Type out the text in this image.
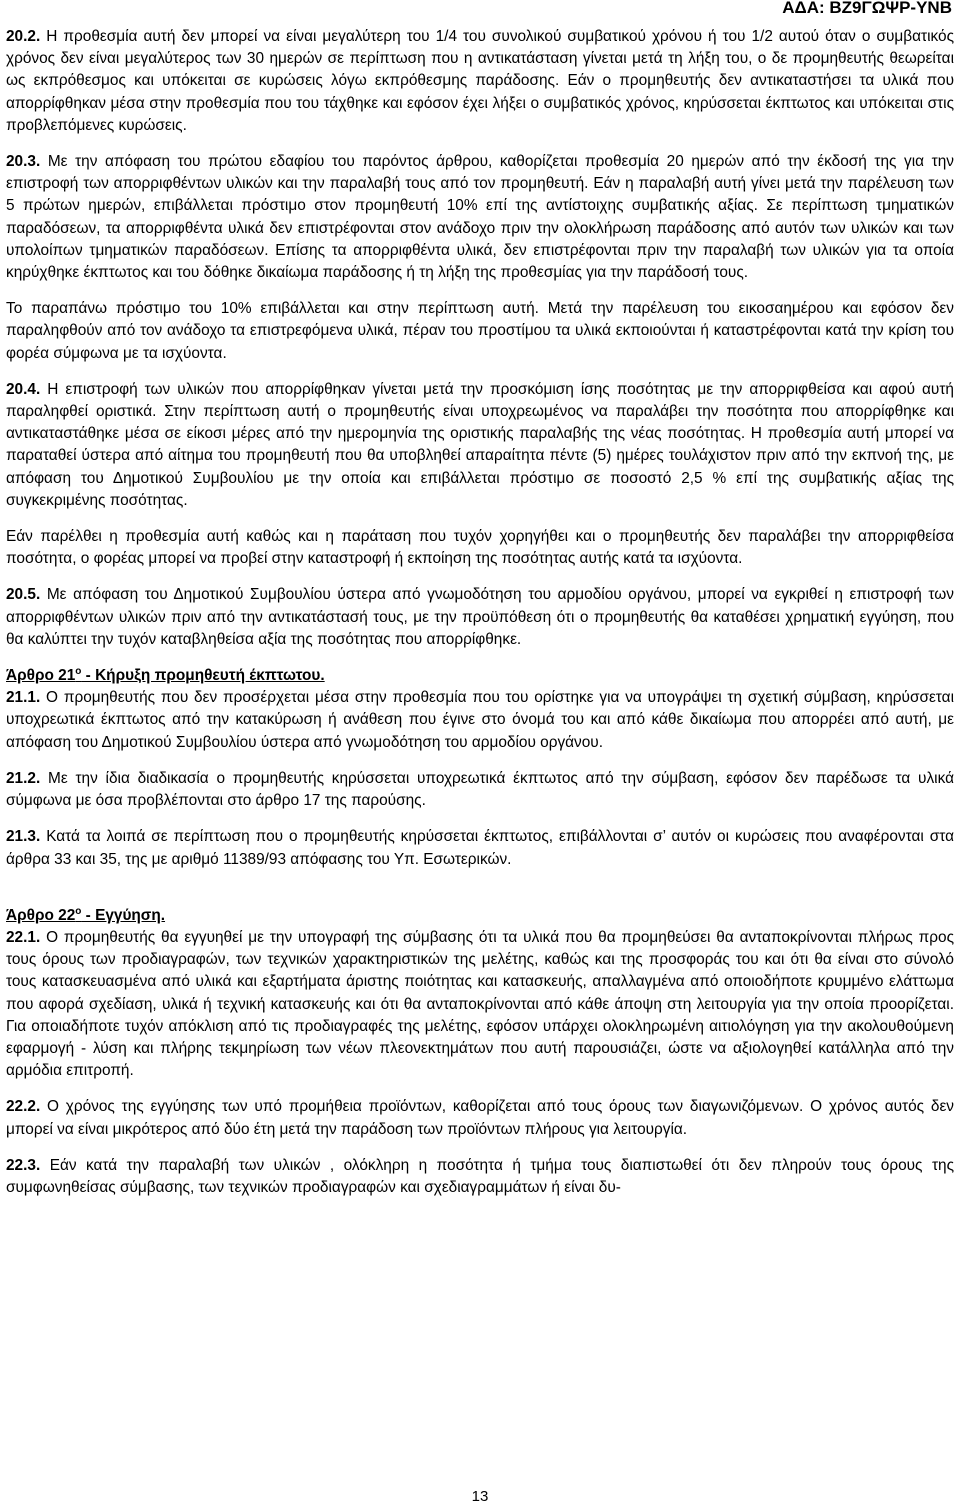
ΑΔΑ: ΒΖ9ΓΩΨΡ-ΥΝΒ

20.2. Η προθεσμία αυτή δεν μπορεί να είναι μεγαλύτερη του 1/4 του συνολικού συμβατικού χρόνου ή του 1/2 αυτού όταν ο συμβατικός χρόνος δεν είναι μεγαλύτερος των 30 ημερών σε περίπτωση που η αντικατάσταση γίνεται μετά τη λήξη του, ο δε προμηθευτής θεωρείται ως εκπρόθεσμος και υπόκειται σε κυρώσεις λόγω εκπρόθεσμης παράδοσης. Εάν ο προμηθευτής δεν αντικαταστήσει τα υλικά που απορρίφθηκαν μέσα στην προθεσμία που του τάχθηκε και εφόσον έχει λήξει ο συμβατικός χρόνος, κηρύσσεται έκπτωτος και υπόκειται στις προβλεπόμενες κυρώσεις.

20.3. Με την απόφαση του πρώτου εδαφίου του παρόντος άρθρου, καθορίζεται προθεσμία 20 ημερών από την έκδοσή της για την επιστροφή των απορριφθέντων υλικών και την παραλαβή τους από τον προμηθευτή. Εάν η παραλαβή αυτή γίνει μετά την παρέλευση των 5 πρώτων ημερών, επιβάλλεται πρόστιμο στον προμηθευτή 10% επί της αντίστοιχης συμβατικής αξίας. Σε περίπτωση τμηματικών παραδόσεων, τα απορριφθέντα υλικά δεν επιστρέφονται στον ανάδοχο πριν την ολοκλήρωση παράδοσης από αυτόν των υλικών και των υπολοίπων τμηματικών παραδόσεων. Επίσης τα απορριφθέντα υλικά, δεν επιστρέφονται πριν την παραλαβή των υλικών για τα οποία κηρύχθηκε έκπτωτος και του δόθηκε δικαίωμα παράδοσης ή τη λήξη της προθεσμίας για την παράδοσή τους.

Το παραπάνω πρόστιμο του 10% επιβάλλεται και στην περίπτωση αυτή. Μετά την παρέλευση του εικοσαημέρου και εφόσον δεν παραληφθούν από τον ανάδοχο τα επιστρεφόμενα υλικά, πέραν του προστίμου τα υλικά εκποιούνται ή καταστρέφονται κατά την κρίση του φορέα σύμφωνα με τα ισχύοντα.

20.4. Η επιστροφή των υλικών που απορρίφθηκαν γίνεται μετά την προσκόμιση ίσης ποσότητας με την απορριφθείσα και αφού αυτή παραληφθεί οριστικά. Στην περίπτωση αυτή ο προμηθευτής είναι υποχρεωμένος να παραλάβει την ποσότητα που απορρίφθηκε και αντικαταστάθηκε μέσα σε είκοσι μέρες από την ημερομηνία της οριστικής παραλαβής της νέας ποσότητας. Η προθεσμία αυτή μπορεί να παραταθεί ύστερα από αίτημα του προμηθευτή που θα υποβληθεί απαραίτητα πέντε (5) ημέρες τουλάχιστον πριν από την εκπνοή της, με απόφαση του Δημοτικού Συμβουλίου με την οποία και επιβάλλεται πρόστιμο σε ποσοστό 2,5 % επί της συμβατικής αξίας της συγκεκριμένης ποσότητας.

Εάν παρέλθει η προθεσμία αυτή καθώς και η παράταση που τυχόν χορηγήθει και ο προμηθευτής δεν παραλάβει την απορριφθείσα ποσότητα, ο φορέας μπορεί να προβεί στην καταστροφή ή εκποίηση της ποσότητας αυτής κατά τα ισχύοντα.

20.5. Με απόφαση του Δημοτικού Συμβουλίου ύστερα από γνωμοδότηση του αρμοδίου οργάνου, μπορεί να εγκριθεί η επιστροφή των απορριφθέντων υλικών πριν από την αντικατάστασή τους, με την προϋπόθεση ότι ο προμηθευτής θα καταθέσει χρηματική εγγύηση, που θα καλύπτει την τυχόν καταβληθείσα αξία της ποσότητας που απορρίφθηκε.

Άρθρο $21^o$ - Κήρυξη προμηθευτή έκπτωτου.

21.1. Ο προμηθευτής που δεν προσέρχεται μέσα στην προθεσμία που του ορίστηκε για να υπογράψει τη σχετική σύμβαση, κηρύσσεται υποχρεωτικά έκπτωτος από την κατακύρωση ή ανάθεση που έγινε στο όνομά του και από κάθε δικαίωμα που απορρέει από αυτή, με απόφαση του Δημοτικού Συμβουλίου ύστερα από γνωμοδότηση του αρμοδίου οργάνου.

21.2. Με την ίδια διαδικασία ο προμηθευτής κηρύσσεται υποχρεωτικά έκπτωτος από την σύμβαση, εφόσον δεν παρέδωσε τα υλικά σύμφωνα με όσα προβλέπονται στο άρθρο 17 της παρούσης.

21.3. Κατά τα λοιπά σε περίπτωση που ο προμηθευτής κηρύσσεται έκπτωτος, επιβάλλονται σ’ αυτόν οι κυρώσεις που αναφέρονται στα άρθρα 33 και 35, της με αριθμό 11389/93 απόφασης του Υπ. Εσωτερικών.

Άρθρο $22^o$ - Εγγύηση.

22.1. Ο προμηθευτής θα εγγυηθεί με την υπογραφή της σύμβασης ότι τα υλικά που θα προμηθεύσει θα ανταποκρίνονται πλήρως προς τους όρους των προδιαγραφών, των τεχνικών χαρακτηριστικών της μελέτης, καθώς και της προσφοράς του και ότι θα είναι στο σύνολό τους κατασκευασμένα από υλικά και εξαρτήματα άριστης ποιότητας και κατασκευής, απαλλαγμένα από οποιοδήποτε κρυμμένο ελάττωμα που αφορά σχεδίαση, υλικά ή τεχνική κατασκευής και ότι θα ανταποκρίνονται από κάθε άποψη στη λειτουργία για την οποία προορίζεται. Για οποιαδήποτε τυχόν απόκλιση από τις προδιαγραφές της μελέτης, εφόσον υπάρχει ολοκληρωμένη αιτιολόγηση για την ακολουθούμενη εφαρμογή - λύση και πλήρης τεκμηρίωση των νέων πλεονεκτημάτων που αυτή παρουσιάζει, ώστε να αξιολογηθεί κατάλληλα από την αρμόδια επιτροπή.

22.2. Ο χρόνος της εγγύησης των υπό προμήθεια προϊόντων, καθορίζεται από τους όρους των διαγωνιζόμενων. Ο χρόνος αυτός δεν μπορεί να είναι μικρότερος από δύο έτη μετά την παράδοση των προϊόντων πλήρους για λειτουργία.

22.3. Εάν κατά την παραλαβή των υλικών , ολόκληρη η ποσότητα ή τμήμα τους διαπιστωθεί ότι δεν πληρούν τους όρους της συμφωνηθείσας σύμβασης, των τεχνικών προδιαγραφών και σχεδιαγραμμάτων ή είναι δυ-

13
